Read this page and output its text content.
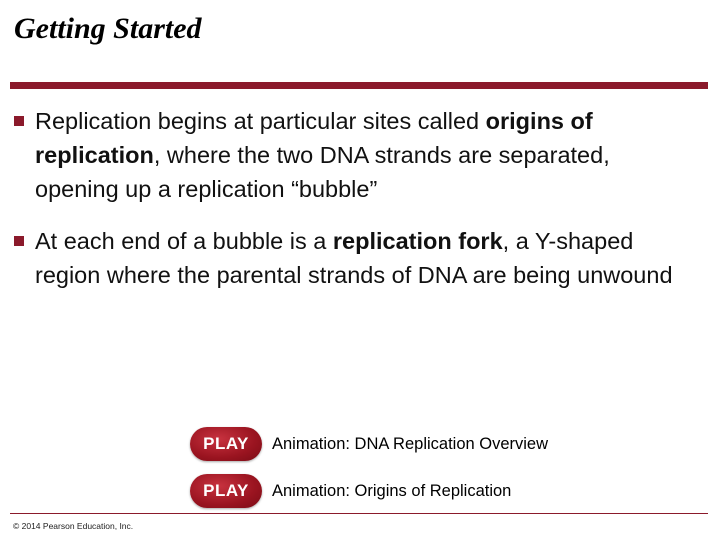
Getting Started
Replication begins at particular sites called origins of replication, where the two DNA strands are separated, opening up a replication “bubble”
At each end of a bubble is a replication fork, a Y-shaped region where the parental strands of DNA are being unwound
PLAY	Animation: DNA Replication Overview
PLAY	Animation: Origins of Replication
© 2014 Pearson Education, Inc.
